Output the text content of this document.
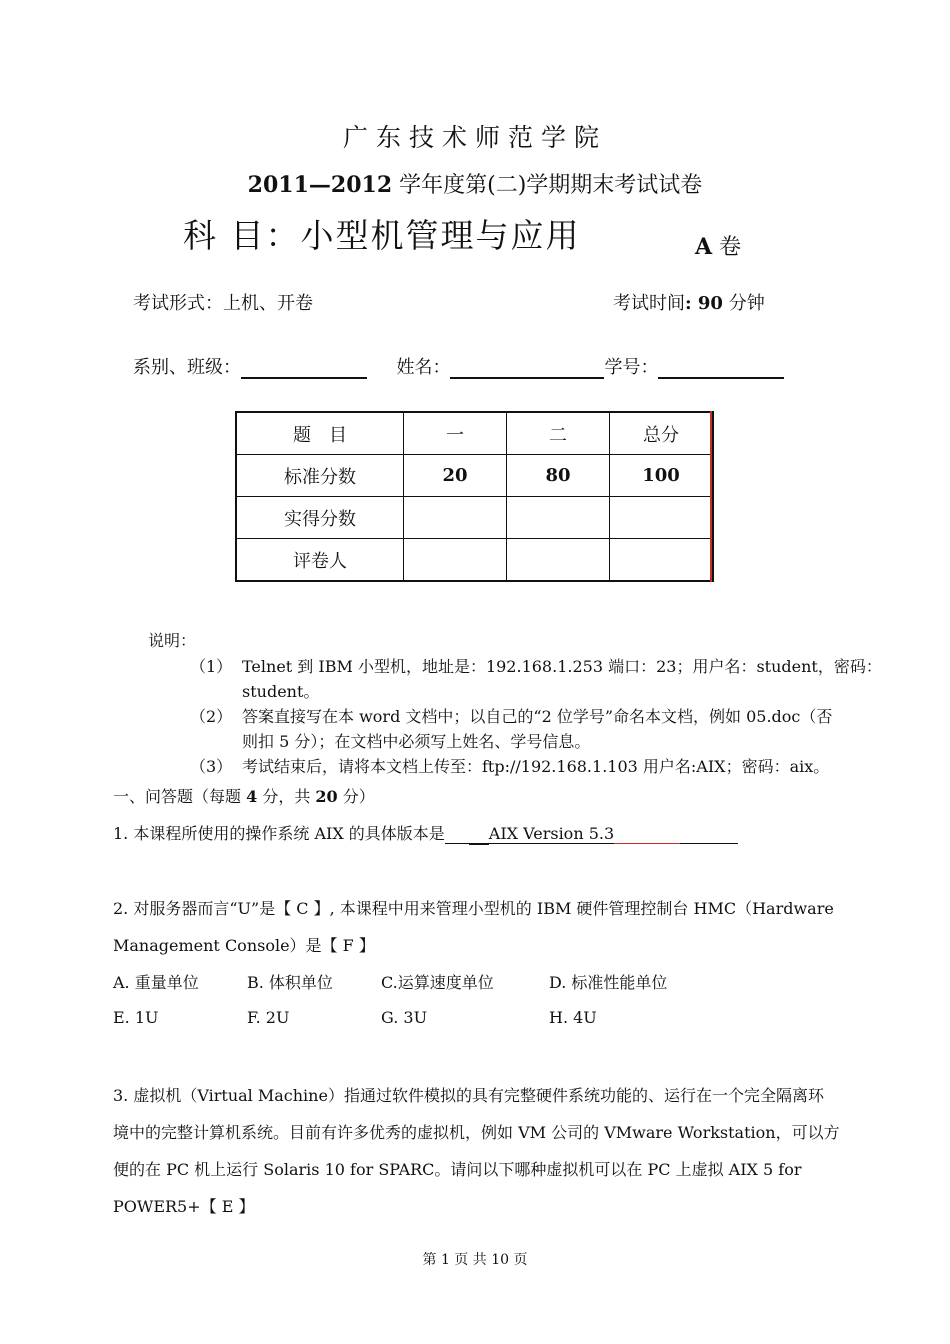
广东技术师范学院
2011—2012 学年度第(二)学期期末考试试卷
科 目：小型机管理与应用	A 卷
考试形式：上机、开卷	考试时间: 90 分钟
系别、班级：	姓名：	学号：
题　目	一	二	总分
标准分数	20	80	100
实得分数			
评卷人			
说明：
（1） Telnet 到 IBM 小型机，地址是：192.168.1.253 端口：23；用户名：student，密码：
student。
（2） 答案直接写在本 word 文档中；以自己的“2 位学号”命名本文档，例如 05.doc（否
则扣 5 分）；在文档中必须写上姓名、学号信息。
（3） 考试结束后，请将本文档上传至：ftp://192.168.1.103 用户名:AIX；密码：aix。
一、问答题（每题 4 分，共 20 分）
1. 本课程所使用的操作系统 AIX 的具体版本是	AIX Version 5.3
2. 对服务器而言“U”是【 C 】, 本课程中用来管理小型机的 IBM 硬件管理控制台 HMC（Hardware
Management Console）是【 F 】
A. 重量单位	B. 体积单位	C.运算速度单位	D. 标准性能单位
E. 1U	F. 2U	G. 3U	H. 4U
3. 虚拟机（Virtual Machine）指通过软件模拟的具有完整硬件系统功能的、运行在一个完全隔离环
境中的完整计算机系统。目前有许多优秀的虚拟机，例如 VM 公司的 VMware Workstation，可以方
便的在 PC 机上运行 Solaris 10 for SPARC。请问以下哪种虚拟机可以在 PC 上虚拟 AIX 5 for
POWER5+【 E 】
第 1 页 共 10 页
